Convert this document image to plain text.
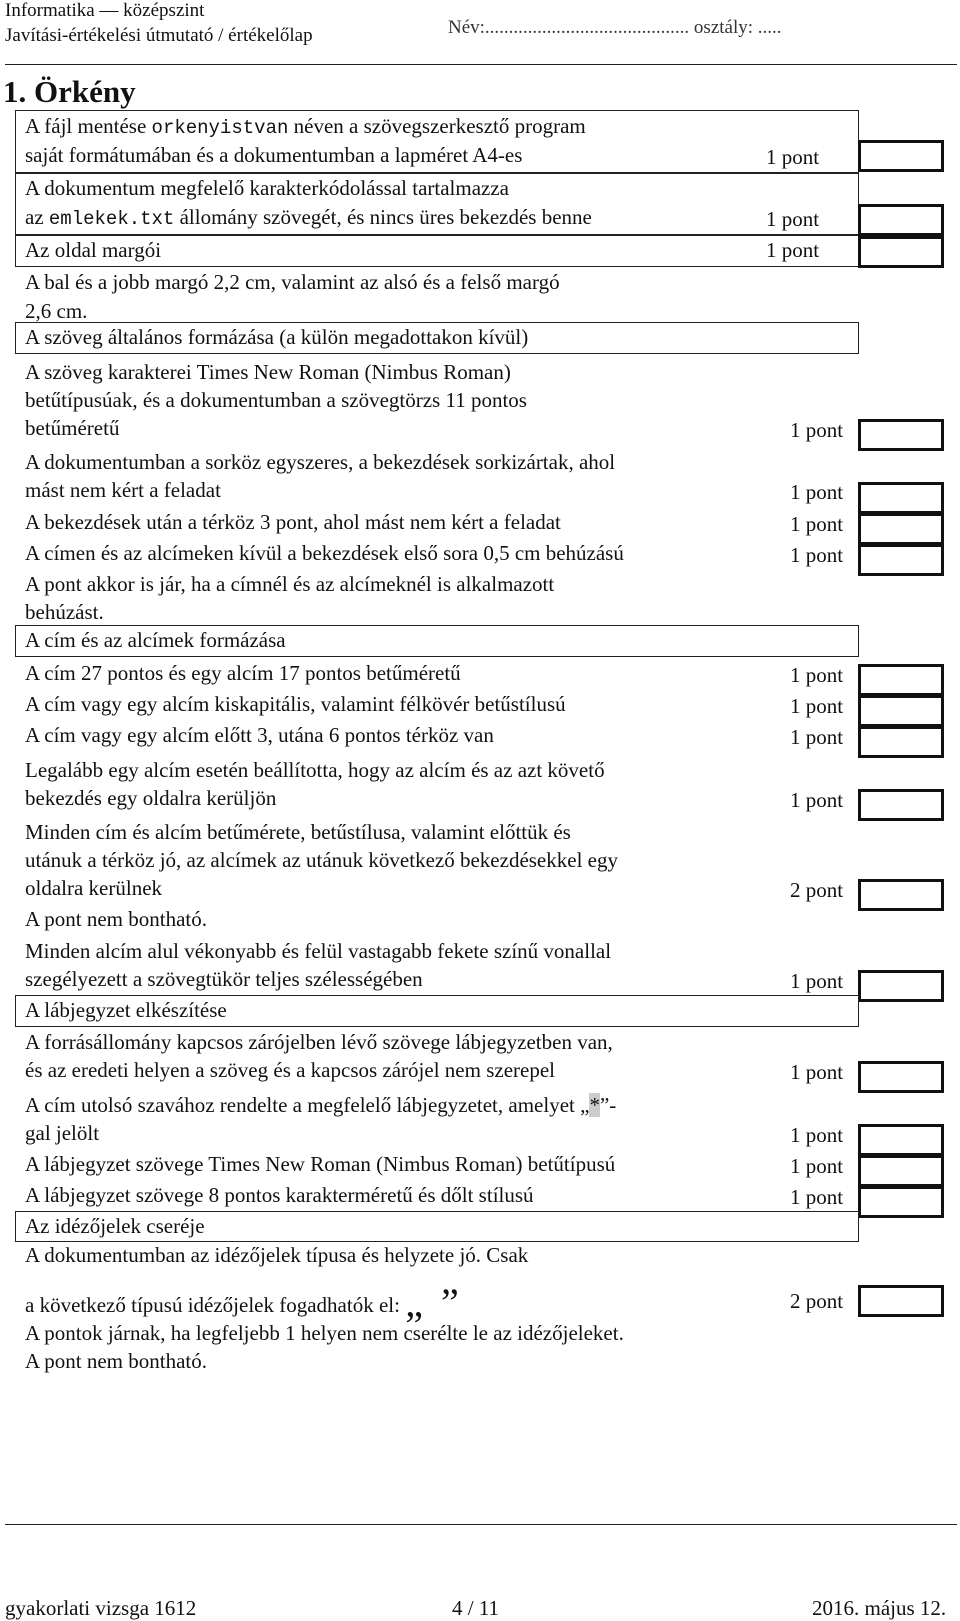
Informatika — középszint
Javítási-értékelési útmutató / értékelőlap	Név:........................................... osztály: .....
1. Örkény
A fájl mentése orkenyistvan néven a szövegszerkesztő program
saját formátumában és a dokumentumban a lapméret A4-es	1 pont
A dokumentum megfelelő karakterkódolással tartalmazza
az emlekek.txt állomány szövegét, és nincs üres bekezdés benne	1 pont
Az oldal margói	1 pont
A bal és a jobb margó 2,2 cm, valamint az alsó és a felső margó
2,6 cm.
A szöveg általános formázása (a külön megadottakon kívül)
A szöveg karakterei Times New Roman (Nimbus Roman)
betűtípusúak, és a dokumentumban a szövegtörzs 11 pontos
betűméretű	1 pont
A dokumentumban a sorköz egyszeres, a bekezdések sorkizártak, ahol
mást nem kért a feladat	1 pont
A bekezdések után a térköz 3 pont, ahol mást nem kért a feladat	1 pont
A címen és az alcímeken kívül a bekezdések első sora 0,5 cm behúzású	1 pont
A pont akkor is jár, ha a címnél és az alcímeknél is alkalmazott
behúzást.
A cím és az alcímek formázása
A cím 27 pontos és egy alcím 17 pontos betűméretű	1 pont
A cím vagy egy alcím kiskapitális, valamint félkövér betűstílusú	1 pont
A cím vagy egy alcím előtt 3, utána 6 pontos térköz van	1 pont
Legalább egy alcím esetén beállította, hogy az alcím és az azt követő
bekezdés egy oldalra kerüljön	1 pont
Minden cím és alcím betűmérete, betűstílusa, valamint előttük és
utánuk a térköz jó, az alcímek az utánuk következő bekezdésekkel egy
oldalra kerülnek	2 pont
A pont nem bontható.
Minden alcím alul vékonyabb és felül vastagabb fekete színű vonallal
szegélyezett a szövegtükör teljes szélességében	1 pont
A lábjegyzet elkészítése
A forrásállomány kapcsos zárójelben lévő szövege lábjegyzetben van,
és az eredeti helyen a szöveg és a kapcsos zárójel nem szerepel	1 pont
A cím utolsó szavához rendelte a megfelelő lábjegyzetet, amelyet „*”-
gal jelölt	1 pont
A lábjegyzet szövege Times New Roman (Nimbus Roman) betűtípusú	1 pont
A lábjegyzet szövege 8 pontos karakterméretű és dőlt stílusú	1 pont
Az idézőjelek cseréje
A dokumentumban az idézőjelek típusa és helyzete jó. Csak
a következő típusú idézőjelek fogadhatók el: „ ”	2 pont
A pontok járnak, ha legfeljebb 1 helyen nem cserélte le az idézőjeleket.
A pont nem bontható.
gyakorlati vizsga 1612	4 / 11	2016. május 12.
